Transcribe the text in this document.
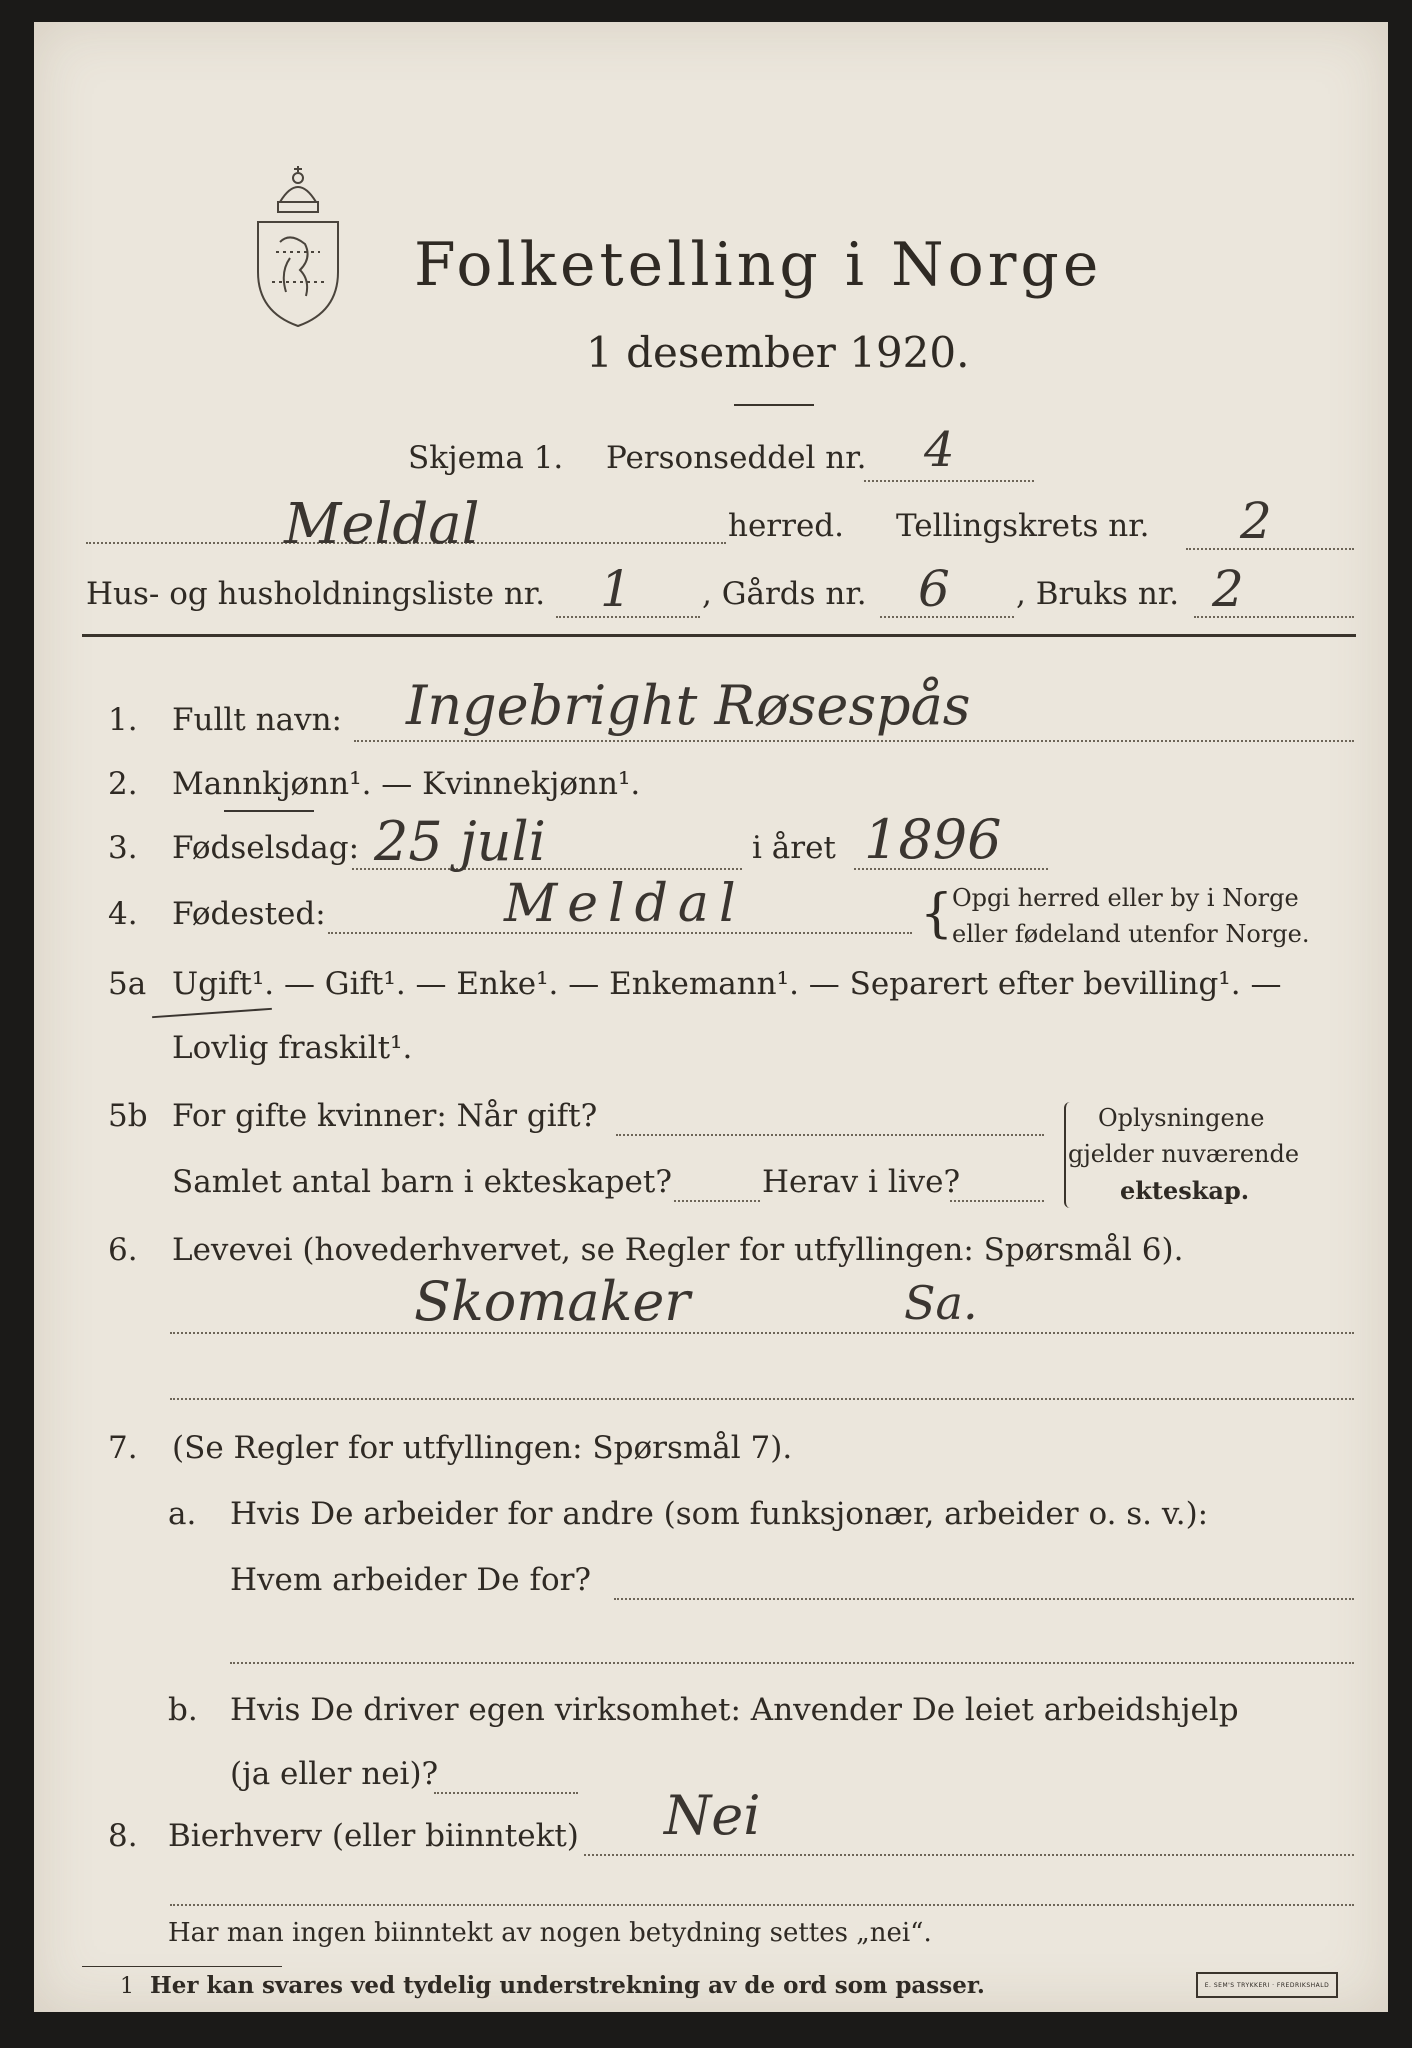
Folketelling i Norge
1 desember 1920.
Skjema 1. Personseddel nr. 4
Meldal	herred. Tellingskrets nr. 2
Hus- og husholdningsliste nr. 1 , Gårds nr. 6 , Bruks nr. 2
1. Fullt navn: Ingebright Røsespås
2. Mannkjønn¹. — Kvinnekjønn¹.
3. Fødselsdag: 25 juli	i året 1896
4. Fødested:	Meldal	{
Opgi herred eller by i Norge
eller fødeland utenfor Norge.
5a Ugift¹. — Gift¹. — Enke¹. — Enkemann¹. — Separert efter bevilling¹. —
Lovlig fraskilt¹.
5b For gifte kvinner: Når gift?
Samlet antal barn i ekteskapet?	Herav i live?
Oplysningene
gjelder nuværende
ekteskap.
6. Levevei (hovederhvervet, se Regler for utfyllingen: Spørsmål 6).
Skomaker	Sa.
7. (Se Regler for utfyllingen: Spørsmål 7).
a. Hvis De arbeider for andre (som funksjonær, arbeider o. s. v.):
Hvem arbeider De for?
b. Hvis De driver egen virksomhet: Anvender De leiet arbeidshjelp
(ja eller nei)?
8. Bierhverv (eller biinntekt) Nei
Har man ingen biinntekt av nogen betydning settes „nei“.
1 Her kan svares ved tydelig understrekning av de ord som passer.	E. SEM'S TRYKKERI · FREDRIKSHALD
